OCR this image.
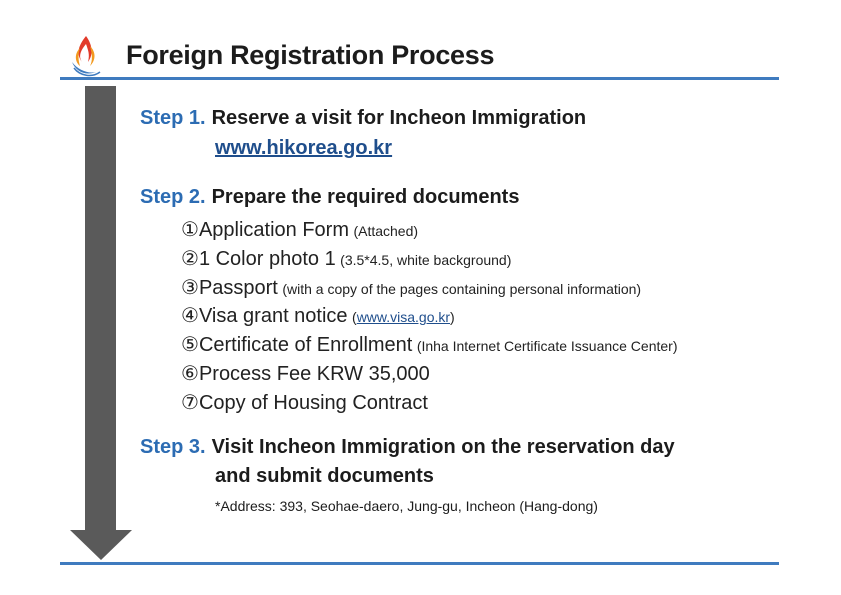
Foreign Registration Process
Step 1. Reserve a visit for Incheon Immigration
www.hikorea.go.kr
Step 2. Prepare the required documents
①Application Form (Attached)
②1 Color photo 1 (3.5*4.5, white background)
③Passport (with a copy of the pages containing personal information)
④Visa grant notice (www.visa.go.kr)
⑤Certificate of Enrollment (Inha Internet Certificate Issuance Center)
⑥Process Fee KRW 35,000
⑦Copy of Housing Contract
Step 3. Visit Incheon Immigration on the reservation day
and submit documents
*Address: 393, Seohae-daero, Jung-gu, Incheon (Hang-dong)
